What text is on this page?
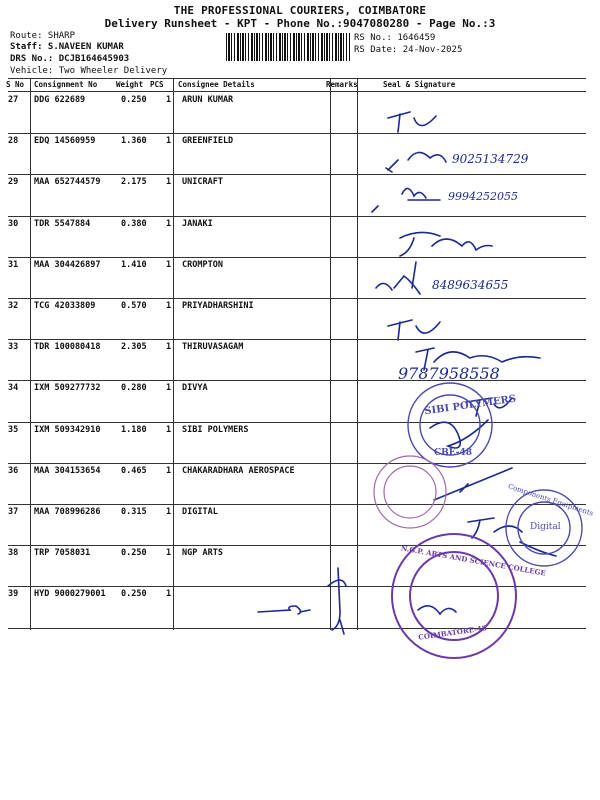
THE PROFESSIONAL COURIERS, COIMBATORE
Delivery Runsheet - KPT - Phone No.:9047080280 - Page No.:3
Route: SHARP
Staff: S.NAVEEN KUMAR
DRS No.: DCJB164645903
Vehicle: Two Wheeler Delivery
RS No.: 1646459
RS Date: 24-Nov-2025
S No Consignment No	Weight PCS Consignee Details	Remarks	Seal & Signature
27 DDG 622689	0.250 1 ARUN KUMAR
28 EDQ 14560959	1.360 1 GREENFIELD
29 MAA 652744579 2.175 1 UNICRAFT
30 TDR 5547884	0.380 1 JANAKI
31 MAA 304426897 1.410 1 CROMPTON
32 TCG 42033809	0.570 1 PRIYADHARSHINI
33 TDR 100080418 2.305 1 THIRUVASAGAM
34 IXM 509277732 0.280 1 DIVYA
35 IXM 509342910 1.180 1 SIBI POLYMERS
36 MAA 304153654 0.465 1 CHAKARADHARA AEROSPACE
37 MAA 708996286 0.315 1 DIGITAL
38 TRP 7058031	0.250 1 NGP ARTS
39 HYD 9000279001 0.250 1
9025134729
9994252055
8489634655
9787958558
SIBI POLYMERS
CBE-48
Components Equipments
Digital
N.G.P. ARTS AND SCIENCE COLLEGE
COIMBATORE-48
